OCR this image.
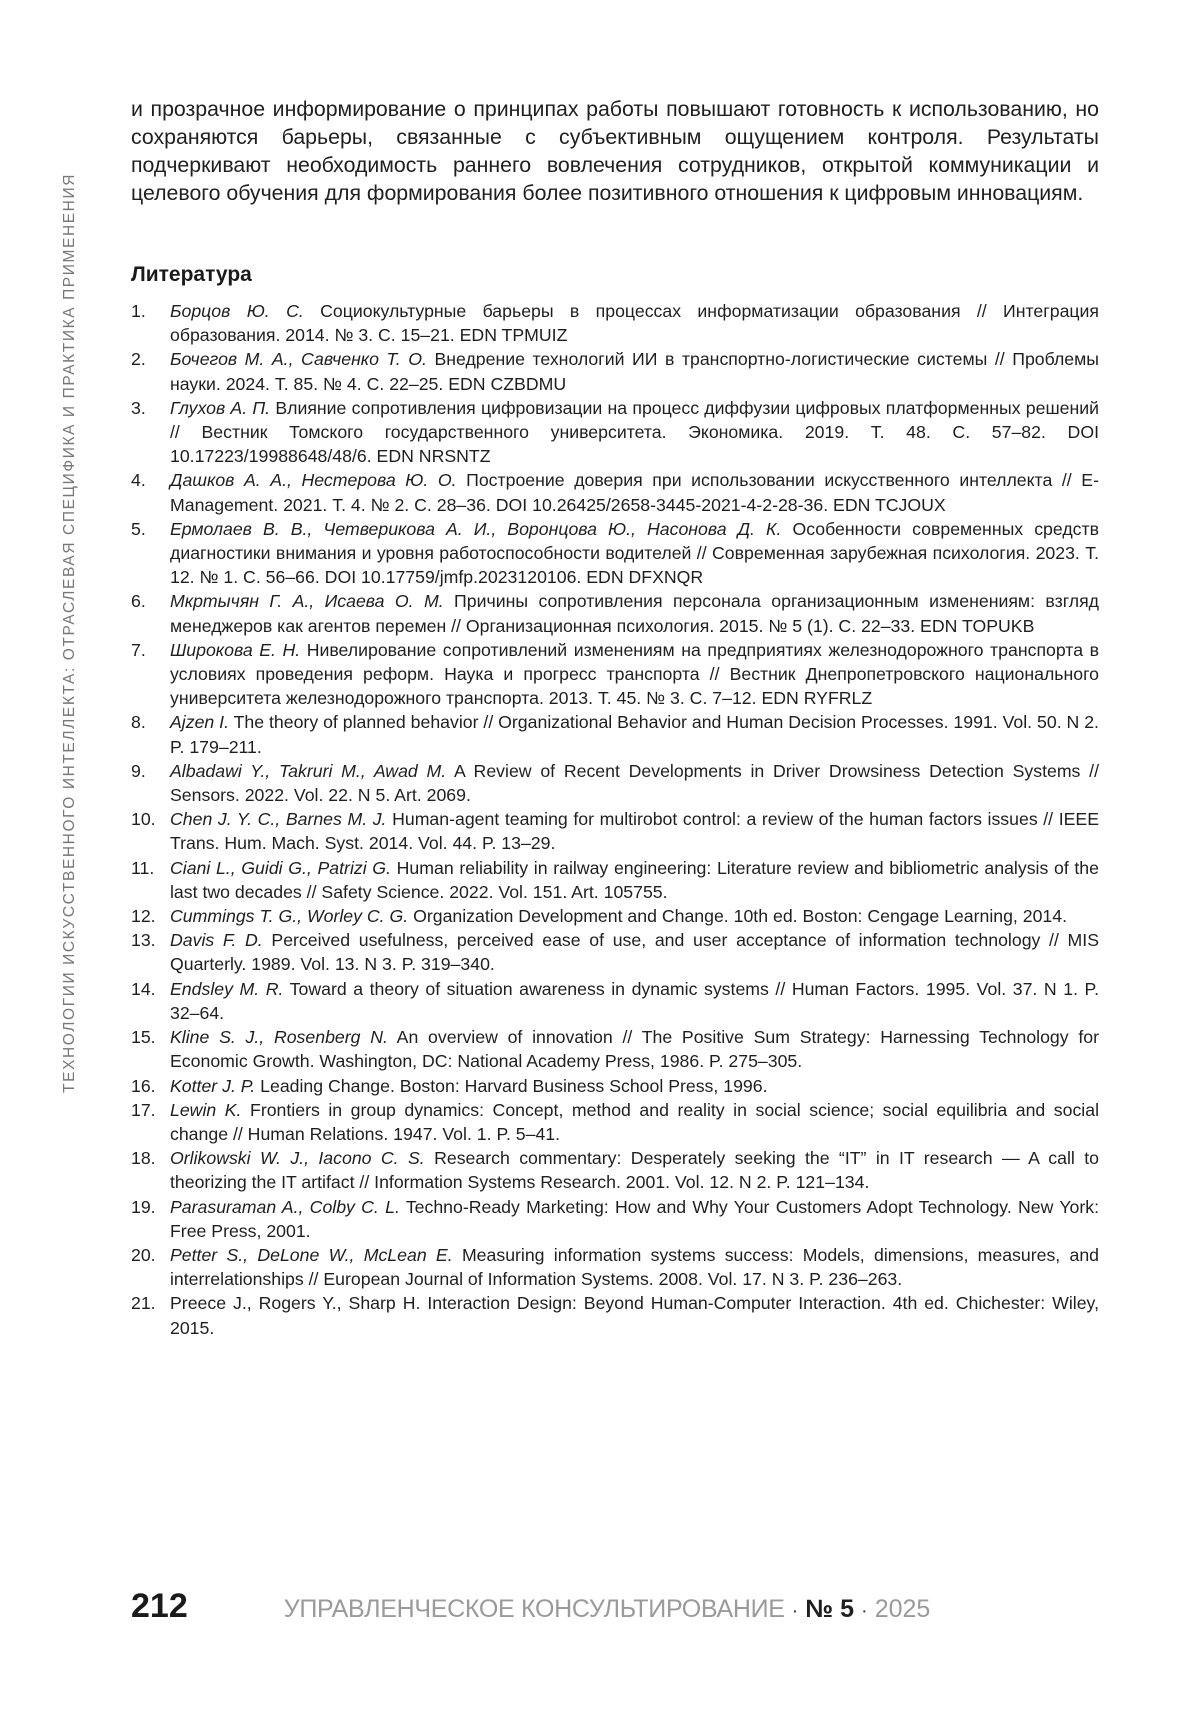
ТЕХНОЛОГИИ ИСКУССТВЕННОГО ИНТЕЛЛЕКТА: ОТРАСЛЕВАЯ СПЕЦИФИКА И ПРАКТИКА ПРИМЕНЕНИЯ

и прозрачное информирование о принципах работы повышают готовность к использованию, но сохраняются барьеры, связанные с субъективным ощущением контроля. Результаты подчеркивают необходимость раннего вовлечения сотрудников, открытой коммуникации и целевого обучения для формирования более позитивного отношения к цифровым инновациям.

Литература
1. Борцов Ю. С. Социокультурные барьеры в процессах информатизации образования // Интеграция образования. 2014. № 3. С. 15–21. EDN TPMUIZ
2. Бочегов М. А., Савченко Т. О. Внедрение технологий ИИ в транспортно-логистические системы // Проблемы науки. 2024. Т. 85. № 4. С. 22–25. EDN CZBDMU
3. Глухов А. П. Влияние сопротивления цифровизации на процесс диффузии цифровых платформенных решений // Вестник Томского государственного университета. Экономика. 2019. Т. 48. С. 57–82. DOI 10.17223/19988648/48/6. EDN NRSNTZ
4. Дашков А. А., Нестерова Ю. О. Построение доверия при использовании искусственного интеллекта // E-Management. 2021. Т. 4. № 2. С. 28–36. DOI 10.26425/2658-3445-2021-4-2-28-36. EDN TCJOUX
5. Ермолаев В. В., Четверикова А. И., Воронцова Ю., Насонова Д. К. Особенности современных средств диагностики внимания и уровня работоспособности водителей // Современная зарубежная психология. 2023. Т. 12. № 1. С. 56–66. DOI 10.17759/jmfp.2023120106. EDN DFXNQR
6. Мкртычян Г. А., Исаева О. М. Причины сопротивления персонала организационным изменениям: взгляд менеджеров как агентов перемен // Организационная психология. 2015. № 5 (1). С. 22–33. EDN TOPUKB
7. Широкова Е. Н. Нивелирование сопротивлений изменениям на предприятиях железнодорожного транспорта в условиях проведения реформ. Наука и прогресс транспорта // Вестник Днепропетровского национального университета железнодорожного транспорта. 2013. Т. 45. № 3. С. 7–12. EDN RYFRLZ
8. Ajzen I. The theory of planned behavior // Organizational Behavior and Human Decision Processes. 1991. Vol. 50. N 2. P. 179–211.
9. Albadawi Y., Takruri M., Awad M. A Review of Recent Developments in Driver Drowsiness Detection Systems // Sensors. 2022. Vol. 22. N 5. Art. 2069.
10. Chen J. Y. C., Barnes M. J. Human-agent teaming for multirobot control: a review of the human factors issues // IEEE Trans. Hum. Mach. Syst. 2014. Vol. 44. P. 13–29.
11. Ciani L., Guidi G., Patrizi G. Human reliability in railway engineering: Literature review and bibliometric analysis of the last two decades // Safety Science. 2022. Vol. 151. Art. 105755.
12. Cummings T. G., Worley C. G. Organization Development and Change. 10th ed. Boston: Cengage Learning, 2014.
13. Davis F. D. Perceived usefulness, perceived ease of use, and user acceptance of information technology // MIS Quarterly. 1989. Vol. 13. N 3. P. 319–340.
14. Endsley M. R. Toward a theory of situation awareness in dynamic systems // Human Factors. 1995. Vol. 37. N 1. P. 32–64.
15. Kline S. J., Rosenberg N. An overview of innovation // The Positive Sum Strategy: Harnessing Technology for Economic Growth. Washington, DC: National Academy Press, 1986. P. 275–305.
16. Kotter J. P. Leading Change. Boston: Harvard Business School Press, 1996.
17. Lewin K. Frontiers in group dynamics: Concept, method and reality in social science; social equilibria and social change // Human Relations. 1947. Vol. 1. P. 5–41.
18. Orlikowski W. J., Iacono C. S. Research commentary: Desperately seeking the “IT” in IT research — A call to theorizing the IT artifact // Information Systems Research. 2001. Vol. 12. N 2. P. 121–134.
19. Parasuraman A., Colby C. L. Techno-Ready Marketing: How and Why Your Customers Adopt Technology. New York: Free Press, 2001.
20. Petter S., DeLone W., McLean E. Measuring information systems success: Models, dimensions, measures, and interrelationships // European Journal of Information Systems. 2008. Vol. 17. N 3. P. 236–263.
21. Preece J., Rogers Y., Sharp H. Interaction Design: Beyond Human-Computer Interaction. 4th ed. Chichester: Wiley, 2015.
212	УПРАВЛЕНЧЕСКОЕ КОНСУЛЬТИРОВАНИЕ · № 5 · 2025
